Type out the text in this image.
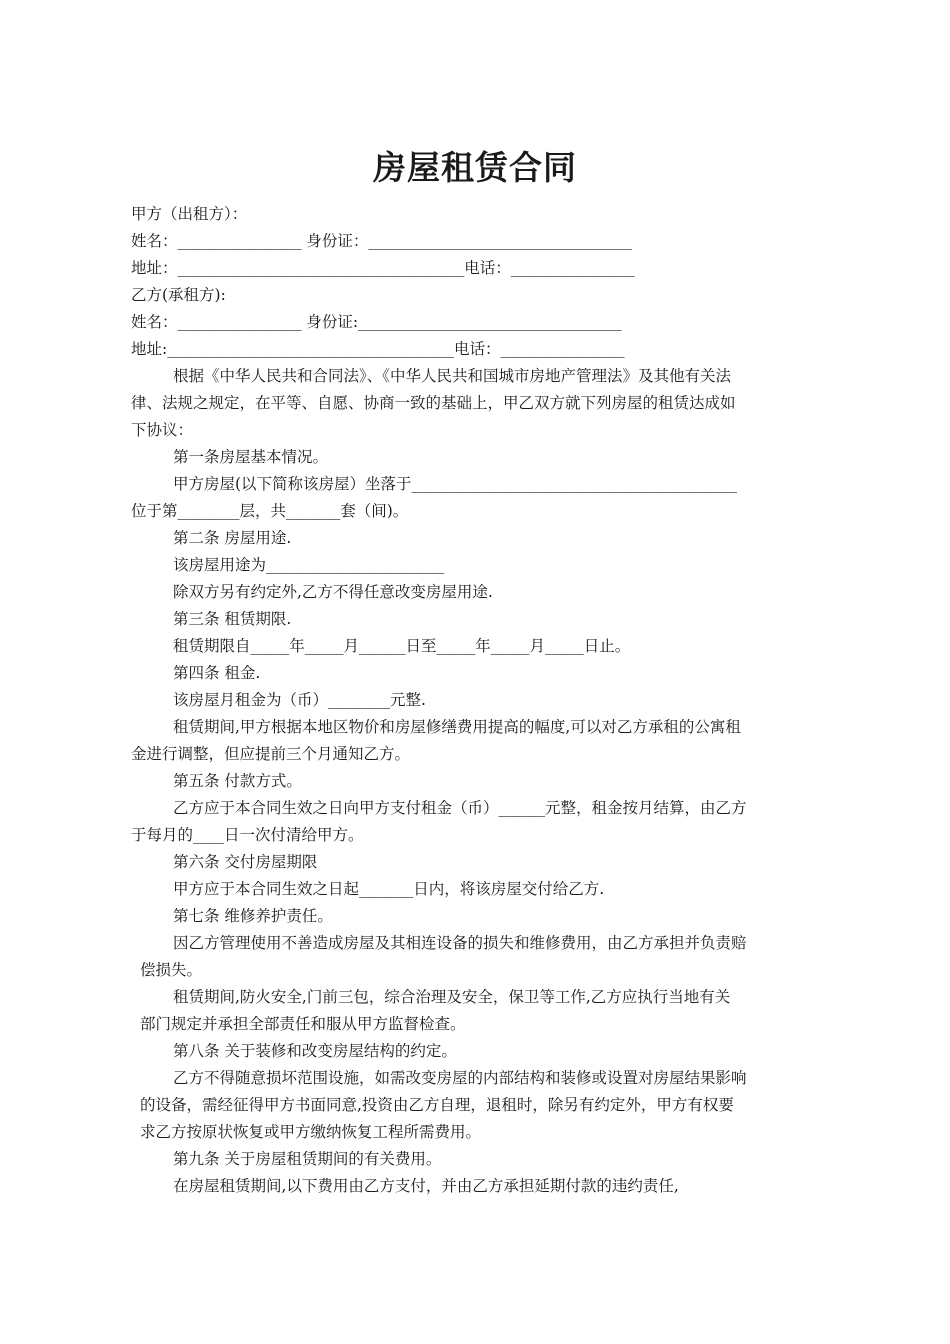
房屋租赁合同
甲方（出租方）：
姓名：________________ 身份证：__________________________________
地址：_____________________________________电话：________________
乙方(承租方):
姓名：________________ 身份证:__________________________________
地址:_____________________________________电话：________________
根据《中华人民共和合同法》、《中华人民共和国城市房地产管理法》及其他有关法
律、法规之规定，在平等、自愿、协商一致的基础上，甲乙双方就下列房屋的租赁达成如
下协议：
第一条房屋基本情况。
甲方房屋(以下简称该房屋）坐落于__________________________________________
位于第________层，共_______套（间)。
第二条 房屋用途.
该房屋用途为_______________________
除双方另有约定外,乙方不得任意改变房屋用途.
第三条 租赁期限.
租赁期限自_____年_____月______日至_____年_____月_____日止。
第四条 租金.
该房屋月租金为（币）________元整.
租赁期间,甲方根据本地区物价和房屋修缮费用提高的幅度,可以对乙方承租的公寓租
金进行调整，但应提前三个月通知乙方。
第五条 付款方式。
乙方应于本合同生效之日向甲方支付租金（币）______元整，租金按月结算，由乙方
于每月的____日一次付清给甲方。
第六条 交付房屋期限
甲方应于本合同生效之日起_______日内，将该房屋交付给乙方.
第七条 维修养护责任。
因乙方管理使用不善造成房屋及其相连设备的损失和维修费用，由乙方承担并负责赔
偿损失。
租赁期间,防火安全,门前三包，综合治理及安全，保卫等工作,乙方应执行当地有关
部门规定并承担全部责任和服从甲方监督检查。
第八条 关于装修和改变房屋结构的约定。
乙方不得随意损坏范围设施，如需改变房屋的内部结构和装修或设置对房屋结果影响
的设备，需经征得甲方书面同意,投资由乙方自理，退租时，除另有约定外，甲方有权要
求乙方按原状恢复或甲方缴纳恢复工程所需费用。
第九条 关于房屋租赁期间的有关费用。
在房屋租赁期间,以下费用由乙方支付，并由乙方承担延期付款的违约责任,
